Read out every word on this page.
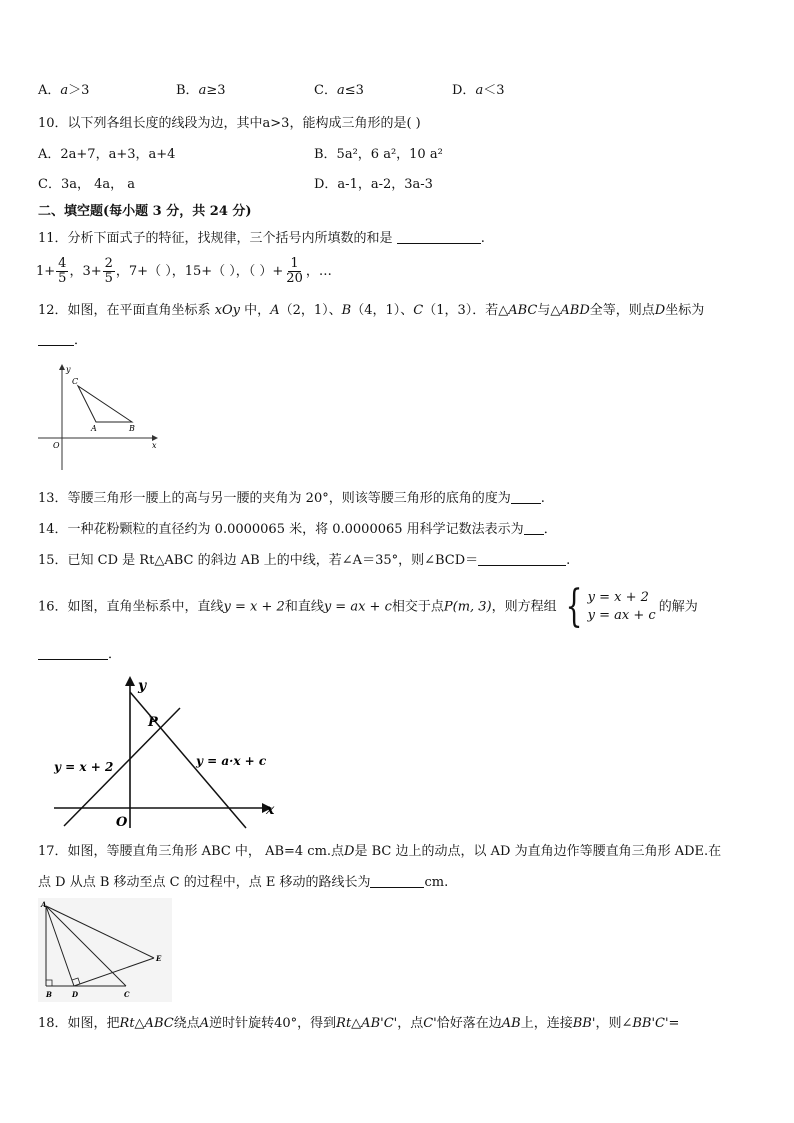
A．a＞3	B．a≥3	C．a≤3	D．a＜3
10．以下列各组长度的线段为边，其中a>3，能构成三角形的是( )
A．2a+7，a+3，a+4	B．5a²，6 a²，10 a²
C．3a， 4a， a	D．a-1，a-2，3a-3
二、填空题(每小题 3 分，共 24 分)
11．分析下面式子的特征，找规律，三个括号内所填数的和是	.
$1+ \frac{4}{5}$ ，$3+ \frac{2}{5}$ ，7+（ ），15+（ ），（ ）+ $\frac{1}{20}$ ，…
12．如图，在平面直角坐标系 xOy 中，A（2，1）、B（4，1）、C（1，3）．若△ABC与△ABD全等，则点D坐标为
．
y
x
O
C
A	B
13．等腰三角形一腰上的高与另一腰的夹角为 20°，则该等腰三角形的底角的度为 .
14．一种花粉颗粒的直径约为 0.0000065 米，将 0.0000065 用科学记数法表示为 ．
15．已知 CD 是 Rt△ABC 的斜边 AB 上的中线，若∠A＝35°，则∠BCD＝	.
16．如图，直角坐标系中，直线y = x + 2和直线y = ax + c相交于点P(m, 3)，则方程组 { y = x + 2
y = ax + c
的解为
．
y
x
O
P
y = x + 2	y = a·x + c
17．如图，等腰直角三角形 ABC 中， AB=4 cm.点D是 BC 边上的动点，以 AD 为直角边作等腰直角三角形 ADE.在
点 D 从点 B 移动至点 C 的过程中，点 E 移动的路线长为	cm.
A
B	D	C
E
18．如图，把Rt△ABC绕点A逆时针旋转40°，得到Rt△AB'C'，点C'恰好落在边AB上，连接BB'，则∠BB'C'=
